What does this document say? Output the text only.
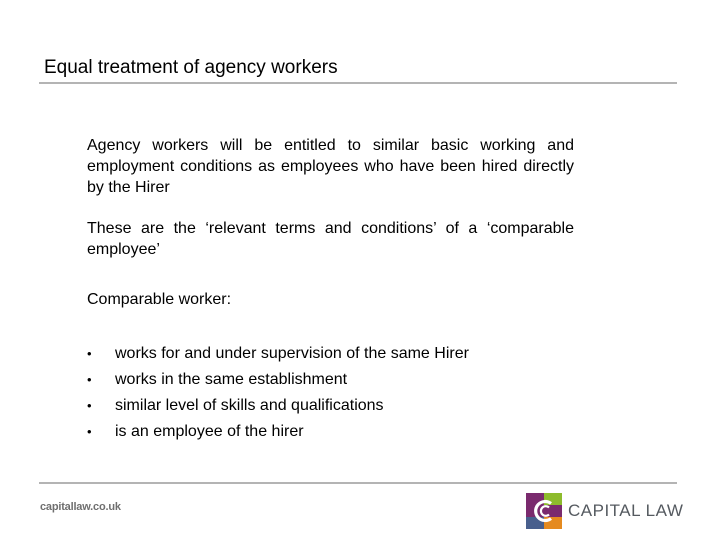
Equal treatment of agency workers

Agency workers will be entitled to similar basic working and employment conditions as employees who have been hired directly by the Hirer

These are the ‘relevant terms and conditions’ of a ‘comparable employee’

Comparable worker:

• works for and under supervision of the same Hirer
• works in the same establishment
• similar level of skills and qualifications
• is an employee of the hirer
capitallaw.co.uk	CAPITAL LAW
